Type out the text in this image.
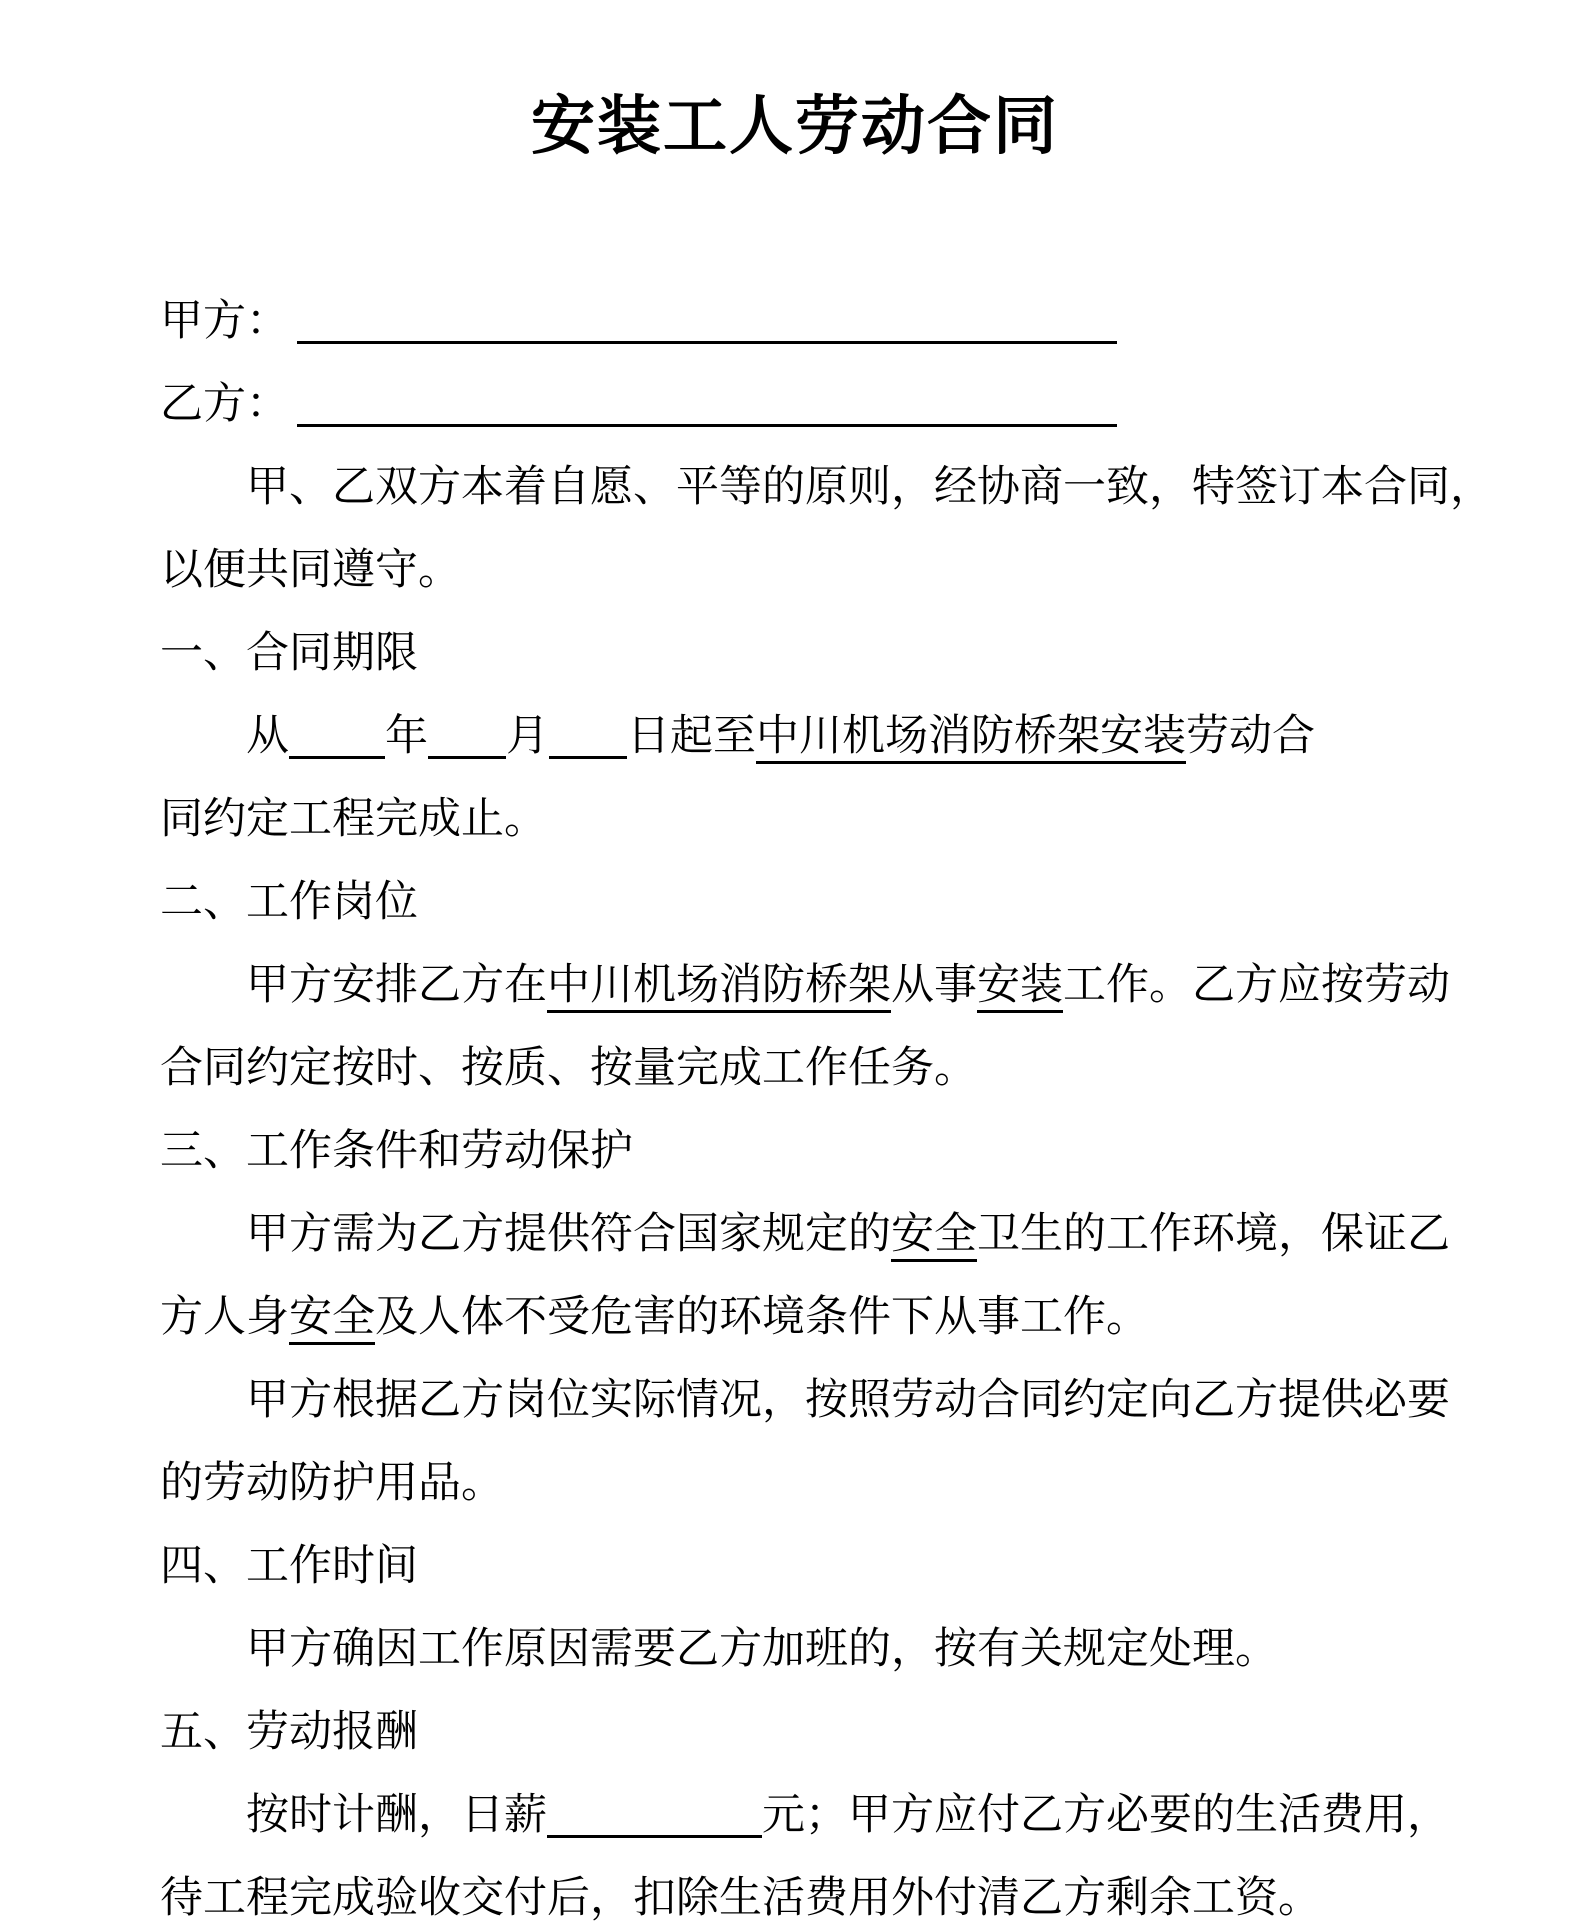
安装工人劳动合同
甲方：
乙方：
甲、乙双方本着自愿、平等的原则，经协商一致，特签订本合同，
以便共同遵守。
一、合同期限
从 年 月 日起至中川机场消防桥架安装劳动合
同约定工程完成止。
二、工作岗位
甲方安排乙方在中川机场消防桥架从事安装工作。乙方应按劳动
合同约定按时、按质、按量完成工作任务。
三、工作条件和劳动保护
甲方需为乙方提供符合国家规定的安全卫生的工作环境，保证乙
方人身安全及人体不受危害的环境条件下从事工作。
甲方根据乙方岗位实际情况，按照劳动合同约定向乙方提供必要
的劳动防护用品。
四、工作时间
甲方确因工作原因需要乙方加班的，按有关规定处理。
五、劳动报酬
按时计酬，日薪	元；甲方应付乙方必要的生活费用，
待工程完成验收交付后，扣除生活费用外付清乙方剩余工资。
